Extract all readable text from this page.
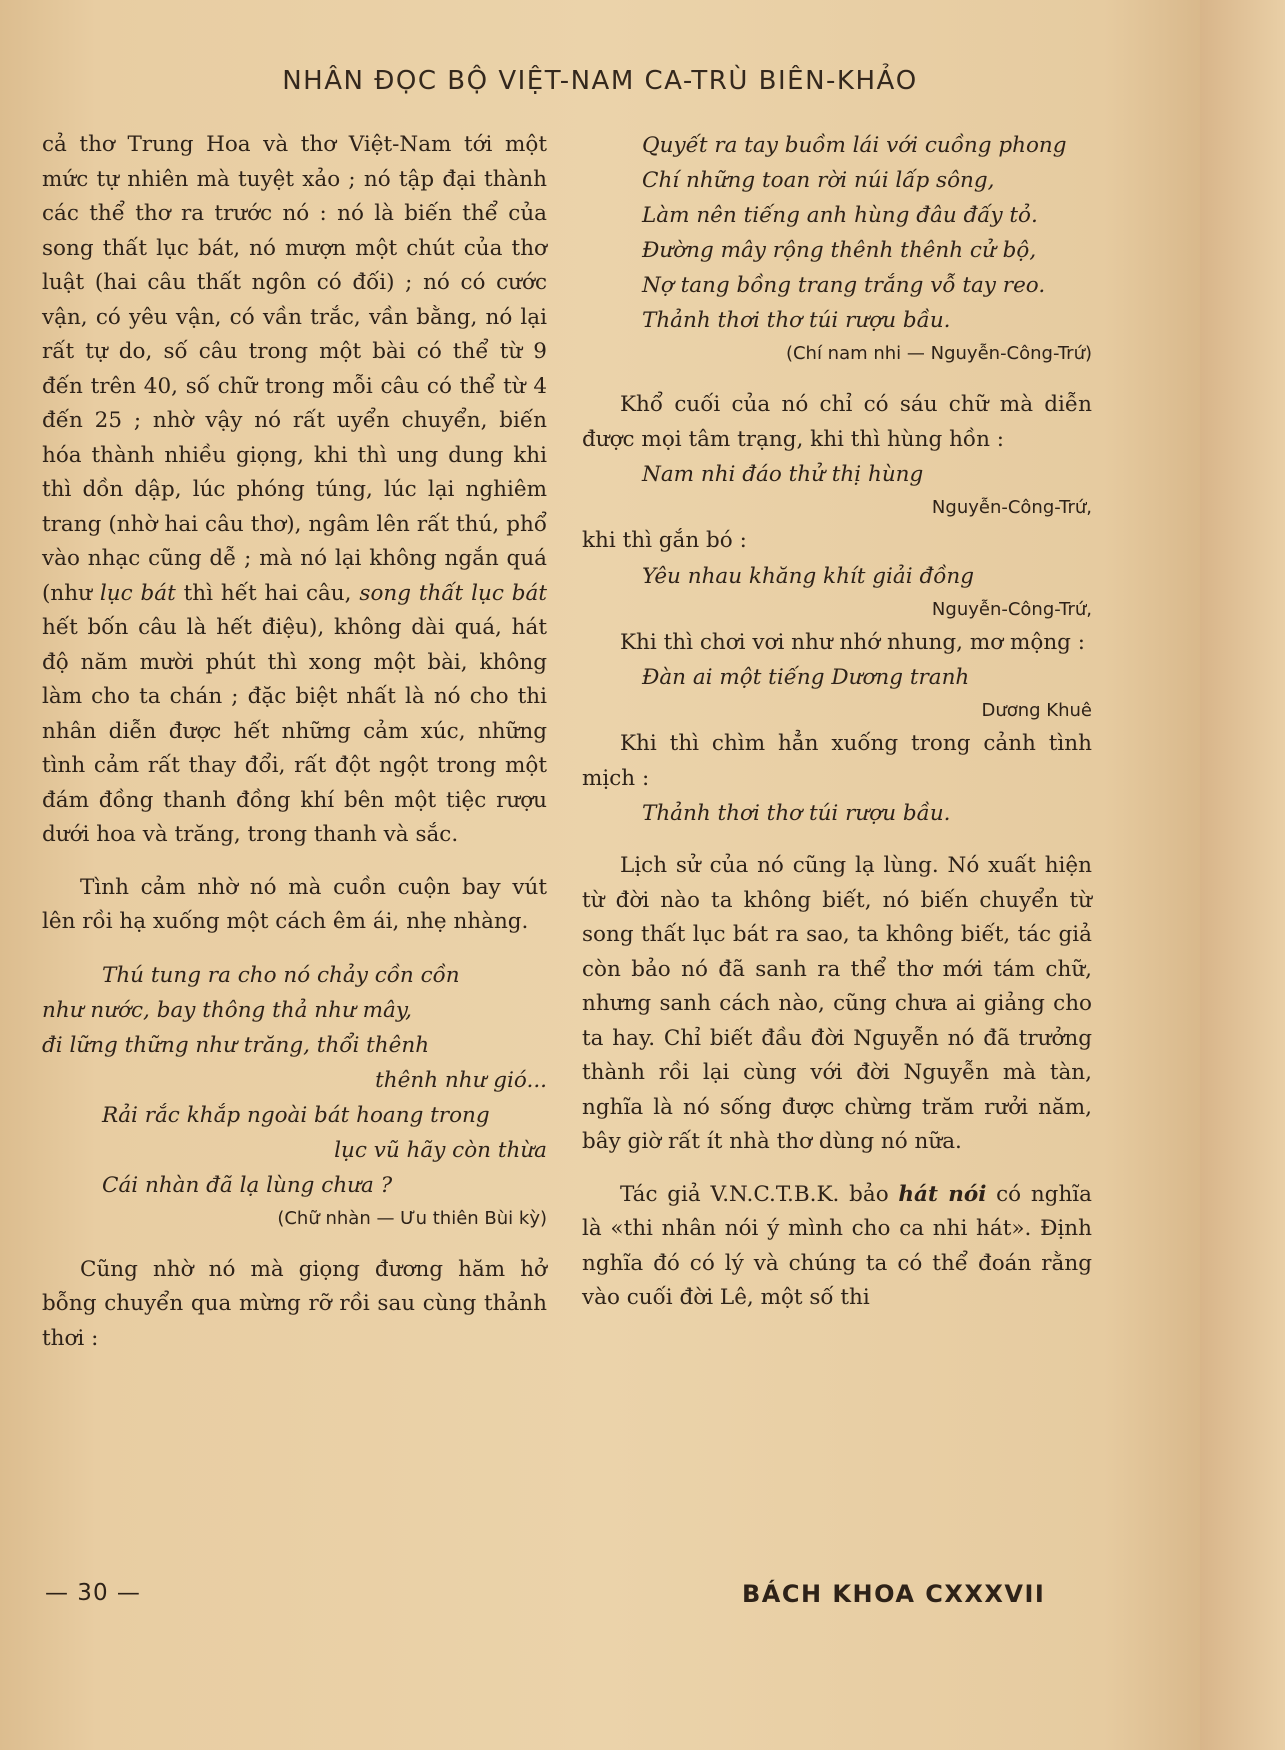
NHÂN ĐỌC BỘ VIỆT-NAM CA-TRÙ BIÊN-KHẢO

cả thơ Trung Hoa và thơ Việt-Nam tới một mức tự nhiên mà tuyệt xảo ; nó tập đại thành các thể thơ ra trước nó : nó là biến thể của song thất lục bát, nó mượn một chút của thơ luật (hai câu thất ngôn có đối) ; nó có cước vận, có yêu vận, có vần trắc, vần bằng, nó lại rất tự do, số câu trong một bài có thể từ 9 đến trên 40, số chữ trong mỗi câu có thể từ 4 đến 25 ; nhờ vậy nó rất uyển chuyển, biến hóa thành nhiều giọng, khi thì ung dung khi thì dồn dập, lúc phóng túng, lúc lại nghiêm trang (nhờ hai câu thơ), ngâm lên rất thú, phổ vào nhạc cũng dễ ; mà nó lại không ngắn quá (như lục bát thì hết hai câu, song thất lục bát hết bốn câu là hết điệu), không dài quá, hát độ năm mười phút thì xong một bài, không làm cho ta chán ; đặc biệt nhất là nó cho thi nhân diễn được hết những cảm xúc, những tình cảm rất thay đổi, rất đột ngột trong một đám đồng thanh đồng khí bên một tiệc rượu dưới hoa và trăng, trong thanh và sắc.

Tình cảm nhờ nó mà cuồn cuộn bay vút lên rồi hạ xuống một cách êm ái, nhẹ nhàng.

Thú tung ra cho nó chảy cồn cồn
như nước, bay thông thả như mây,
đi lững thững như trăng, thổi thênh
thênh như gió...
Rải rắc khắp ngoài bát hoang trong
lục vũ hãy còn thừa
Cái nhàn đã lạ lùng chưa ?

(Chữ nhàn — Ưu thiên Bùi kỳ)

Cũng nhờ nó mà giọng đương hăm hở bỗng chuyển qua mừng rỡ rồi sau cùng thảnh thơi :

Quyết ra tay buồm lái với cuồng phong
Chí những toan rời núi lấp sông,
Làm nên tiếng anh hùng đâu đấy tỏ.
Đường mây rộng thênh thênh cử bộ,
Nợ tang bồng trang trắng vỗ tay reo.
Thảnh thơi thơ túi rượu bầu.

(Chí nam nhi — Nguyễn-Công-Trứ)

Khổ cuối của nó chỉ có sáu chữ mà diễn được mọi tâm trạng, khi thì hùng hồn :

Nam nhi đáo thử thị hùng

Nguyễn-Công-Trứ,

khi thì gắn bó :

Yêu nhau khăng khít giải đồng

Nguyễn-Công-Trứ,

Khi thì chơi vơi như nhớ nhung, mơ mộng :

Đàn ai một tiếng Dương tranh

Dương Khuê

Khi thì chìm hẳn xuống trong cảnh tình mịch :

Thảnh thơi thơ túi rượu bầu.

Lịch sử của nó cũng lạ lùng. Nó xuất hiện từ đời nào ta không biết, nó biến chuyển từ song thất lục bát ra sao, ta không biết, tác giả còn bảo nó đã sanh ra thể thơ mới tám chữ, nhưng sanh cách nào, cũng chưa ai giảng cho ta hay. Chỉ biết đầu đời Nguyễn nó đã trưởng thành rồi lại cùng với đời Nguyễn mà tàn, nghĩa là nó sống được chừng trăm rưởi năm, bây giờ rất ít nhà thơ dùng nó nữa.

Tác giả V.N.C.T.B.K. bảo hát nói có nghĩa là «thi nhân nói ý mình cho ca nhi hát». Định nghĩa đó có lý và chúng ta có thể đoán rằng vào cuối đời Lê, một số thi

— 30 —	BÁCH KHOA CXXXVII
